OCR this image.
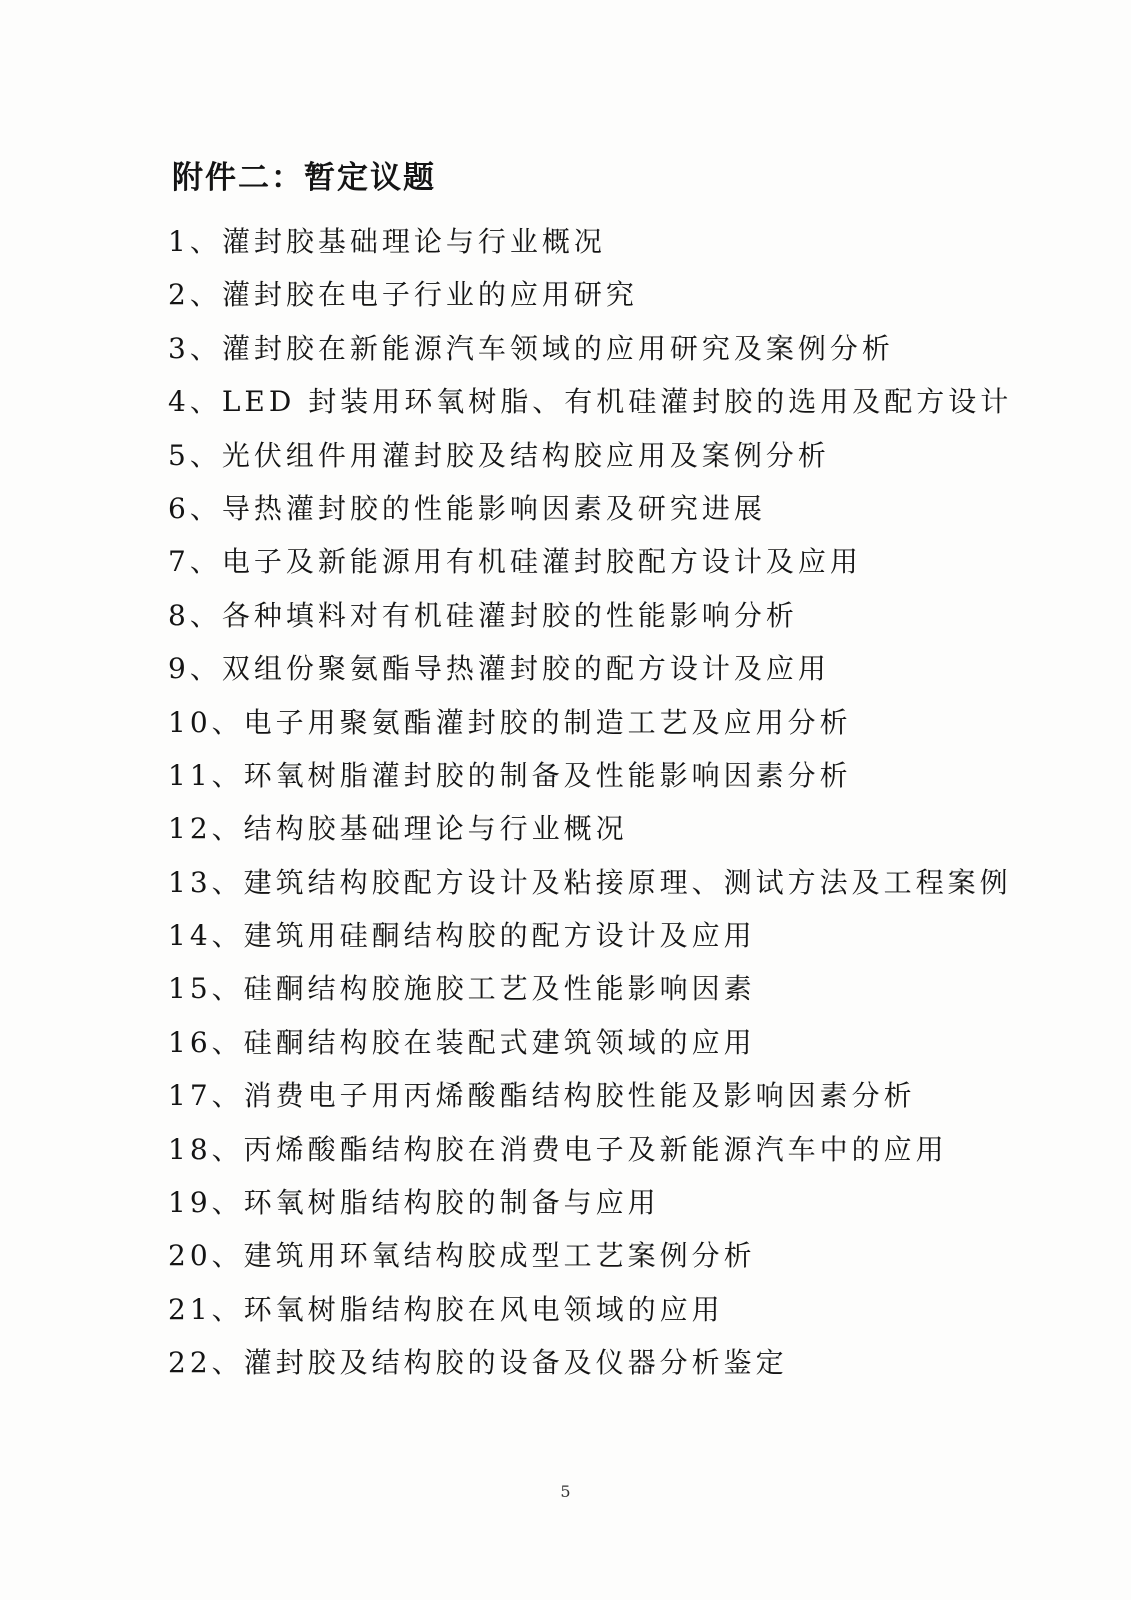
附件二：暂定议题
1、灌封胶基础理论与行业概况
2、灌封胶在电子行业的应用研究
3、灌封胶在新能源汽车领域的应用研究及案例分析
4、LED 封装用环氧树脂、有机硅灌封胶的选用及配方设计
5、光伏组件用灌封胶及结构胶应用及案例分析
6、导热灌封胶的性能影响因素及研究进展
7、电子及新能源用有机硅灌封胶配方设计及应用
8、各种填料对有机硅灌封胶的性能影响分析
9、双组份聚氨酯导热灌封胶的配方设计及应用
10、电子用聚氨酯灌封胶的制造工艺及应用分析
11、环氧树脂灌封胶的制备及性能影响因素分析
12、结构胶基础理论与行业概况
13、建筑结构胶配方设计及粘接原理、测试方法及工程案例
14、建筑用硅酮结构胶的配方设计及应用
15、硅酮结构胶施胶工艺及性能影响因素
16、硅酮结构胶在装配式建筑领域的应用
17、消费电子用丙烯酸酯结构胶性能及影响因素分析
18、丙烯酸酯结构胶在消费电子及新能源汽车中的应用
19、环氧树脂结构胶的制备与应用
20、建筑用环氧结构胶成型工艺案例分析
21、环氧树脂结构胶在风电领域的应用
22、灌封胶及结构胶的设备及仪器分析鉴定
5
